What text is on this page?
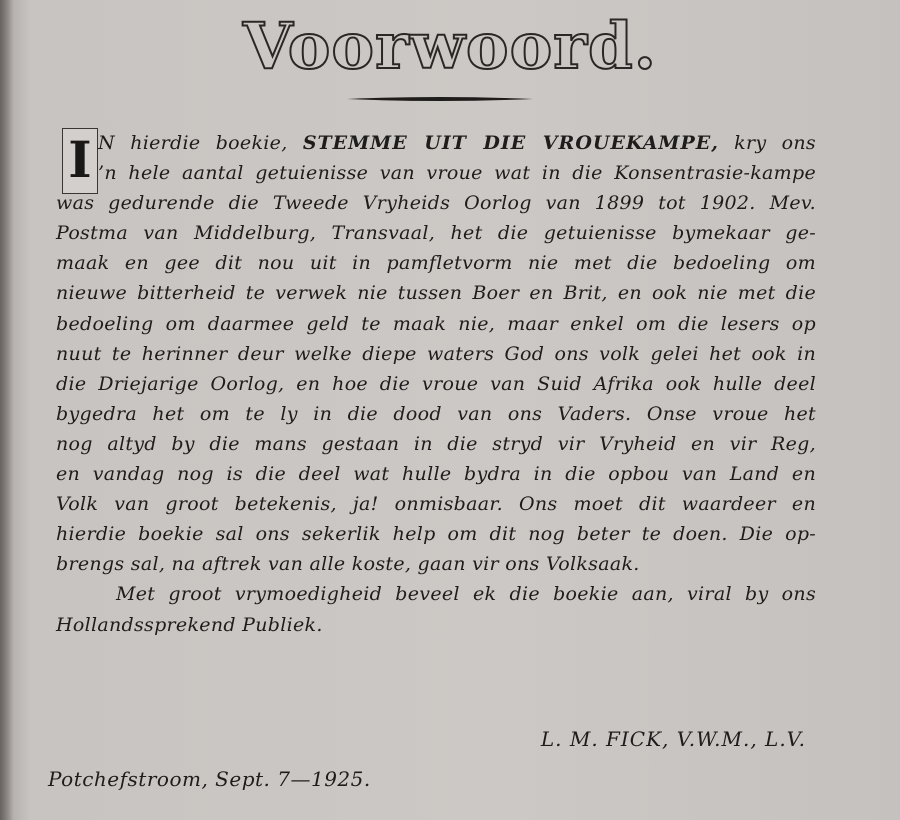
Voorwoord.
I N hierdie boekie, STEMME UIT DIE VROUEKAMPE, kry ons
’n hele aantal getuienisse van vroue wat in die Konsentrasie-kampe
was gedurende die Tweede Vryheids Oorlog van 1899 tot 1902. Mev.
Postma van Middelburg, Transvaal, het die getuienisse bymekaar ge-
maak en gee dit nou uit in pamfletvorm nie met die bedoeling om
nieuwe bitterheid te verwek nie tussen Boer en Brit, en ook nie met die
bedoeling om daarmee geld te maak nie, maar enkel om die lesers op
nuut te herinner deur welke diepe waters God ons volk gelei het ook in
die Driejarige Oorlog, en hoe die vroue van Suid Afrika ook hulle deel
bygedra het om te ly in die dood van ons Vaders. Onse vroue het
nog altyd by die mans gestaan in die stryd vir Vryheid en vir Reg,
en vandag nog is die deel wat hulle bydra in die opbou van Land en
Volk van groot betekenis, ja! onmisbaar. Ons moet dit waardeer en
hierdie boekie sal ons sekerlik help om dit nog beter te doen. Die op-
brengs sal, na aftrek van alle koste, gaan vir ons Volksaak.
Met groot vrymoedigheid beveel ek die boekie aan, viral by ons
Hollandssprekend Publiek.
L. M. FICK, V.W.M., L.V.
Potchefstroom, Sept. 7—1925.
